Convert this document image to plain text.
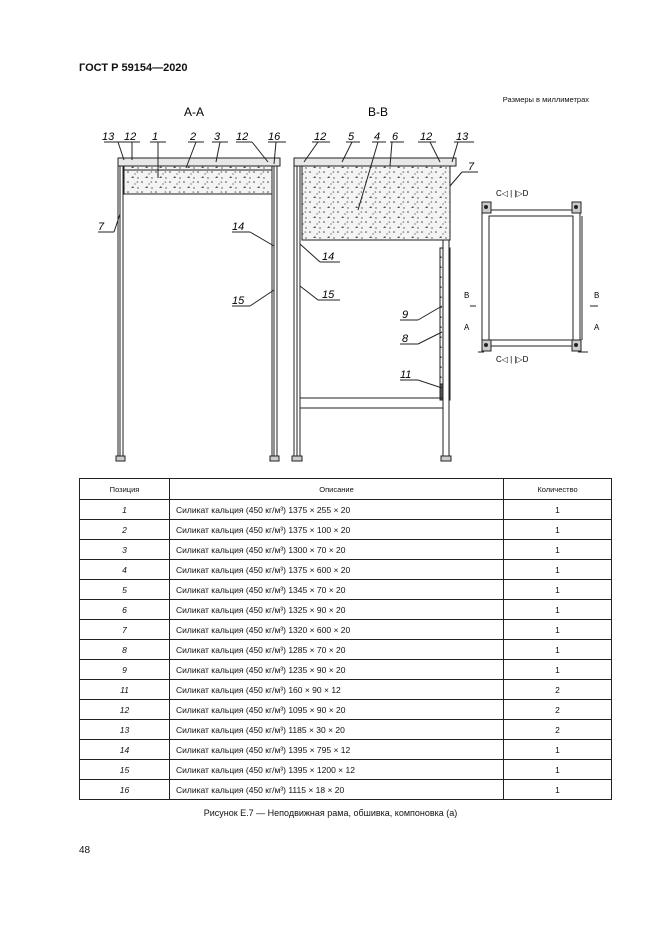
ГОСТ Р 59154—2020
Размеры в миллиметрах
A-A	B-B
13 12 1	2 3 12 16
7	14
15
12 5 4 6 12 13
7
14
15
9
8
11
C◁ | |▷D
C◁ | |▷D
B
A
B
A
Позиция	Описание	Количество
1	Силикат кальция (450 кг/м³) 1375 × 255 × 20	1
2	Силикат кальция (450 кг/м³) 1375 × 100 × 20	1
3	Силикат кальция (450 кг/м³) 1300 × 70 × 20	1
4	Силикат кальция (450 кг/м³) 1375 × 600 × 20	1
5	Силикат кальция (450 кг/м³) 1345 × 70 × 20	1
6	Силикат кальция (450 кг/м³) 1325 × 90 × 20	1
7	Силикат кальция (450 кг/м³) 1320 × 600 × 20	1
8	Силикат кальция (450 кг/м³) 1285 × 70 × 20	1
9	Силикат кальция (450 кг/м³) 1235 × 90 × 20	1
11	Силикат кальция (450 кг/м³) 160 × 90 × 12	2
12	Силикат кальция (450 кг/м³) 1095 × 90 × 20	2
13	Силикат кальция (450 кг/м³) 1185 × 30 × 20	2
14	Силикат кальция (450 кг/м³) 1395 × 795 × 12	1
15	Силикат кальция (450 кг/м³) 1395 × 1200 × 12	1
16	Силикат кальция (450 кг/м³) 1115 × 18 × 20	1
Рисунок Е.7 — Неподвижная рама, обшивка, компоновка (а)
48
